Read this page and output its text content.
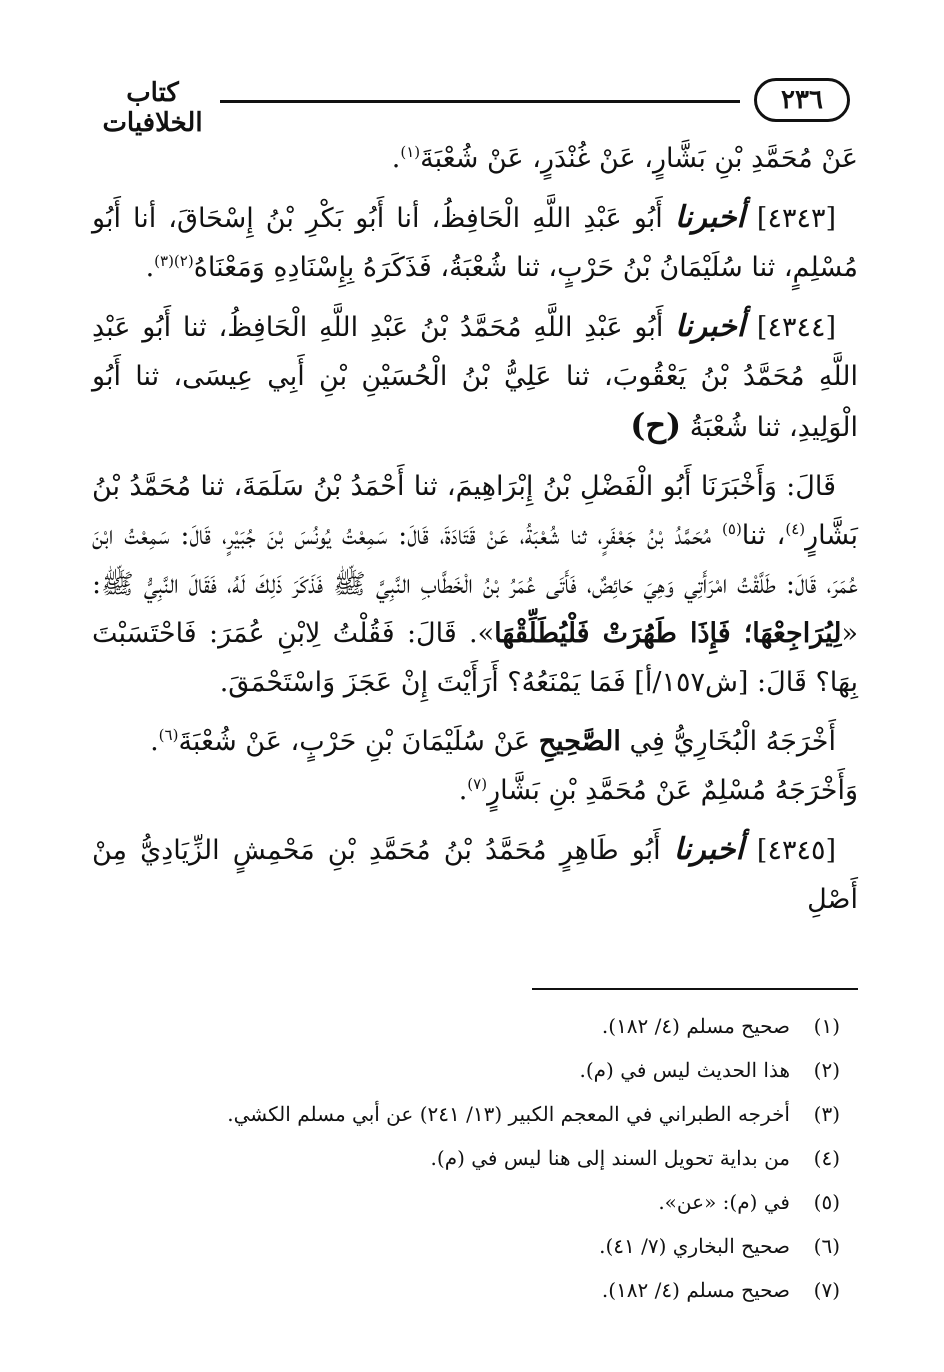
٢٣٦
كتاب الخلافيات

عَنْ مُحَمَّدِ بْنِ بَشَّارٍ، عَنْ غُنْدَرٍ، عَنْ شُعْبَةَ$^{(١)}$.

[٤٣٤٣] أخبرنا أَبُو عَبْدِ اللَّهِ الْحَافِظُ، أنا أَبُو بَكْرِ بْنُ إِسْحَاقَ، أنا أَبُو مُسْلِمٍ، ثنا سُلَيْمَانُ بْنُ حَرْبٍ، ثنا شُعْبَةُ، فَذَكَرَهُ بِإِسْنَادِهِ وَمَعْنَاهُ$^{(٢)(٣)}$.

[٤٣٤٤] أخبرنا أَبُو عَبْدِ اللَّهِ مُحَمَّدُ بْنُ عَبْدِ اللَّهِ الْحَافِظُ، ثنا أَبُو عَبْدِ اللَّهِ مُحَمَّدُ بْنُ يَعْقُوبَ، ثنا عَلِيُّ بْنُ الْحُسَيْنِ بْنِ أَبِي عِيسَى، ثنا أَبُو الْوَلِيدِ، ثنا شُعْبَةُ (ح)

قَالَ: وَأَخْبَرَنَا أَبُو الْفَضْلِ بْنُ إِبْرَاهِيمَ، ثنا أَحْمَدُ بْنُ سَلَمَةَ، ثنا مُحَمَّدُ بْنُ بَشَّارٍ$^{(٤)}$، ثنا$^{(٥)}$ مُحَمَّدُ بْنُ جَعْفَرٍ، ثنا شُعْبَةُ، عَنْ قَتَادَةَ، قَالَ: سَمِعْتُ يُونُسَ بْنَ جُبَيْرٍ، قَالَ: سَمِعْتُ ابْنَ عُمَرَ، قَالَ: طَلَّقْتُ امْرَأَتِي وَهِيَ حَائِضٌ، فَأَتَى عُمَرُ بْنُ الْخَطَّابِ النَّبِيَّ ﷺ فَذَكَرَ ذَلِكَ لَهُ، فَقَالَ النَّبِيُّ ﷺ: «لِيُرَاجِعْهَا؛ فَإِذَا طَهُرَتْ فَلْيُطَلِّقْهَا». قَالَ: فَقُلْتُ لِابْنِ عُمَرَ: فَاحْتَسَبْتَ بِهَا؟ قَالَ: [ش١٥٧/أ] فَمَا يَمْنَعُهُ؟ أَرَأَيْتَ إِنْ عَجَزَ وَاسْتَحْمَقَ.

أَخْرَجَهُ الْبُخَارِيُّ فِي الصَّحِيحِ عَنْ سُلَيْمَانَ بْنِ حَرْبٍ، عَنْ شُعْبَةَ$^{(٦)}$.
وَأَخْرَجَهُ مُسْلِمٌ عَنْ مُحَمَّدِ بْنِ بَشَّارٍ$^{(٧)}$.

[٤٣٤٥] أخبرنا أَبُو طَاهِرٍ مُحَمَّدُ بْنُ مُحَمَّدِ بْنِ مَحْمِشٍ الزِّيَادِيُّ مِنْ أَصْلِ

(١)
صحيح مسلم (٤/ ١٨٢).
(٢)
هذا الحديث ليس في (م).
(٣)
أخرجه الطبراني في المعجم الكبير (١٣/ ٢٤١) عن أبي مسلم الكشي.
(٤)
من بداية تحويل السند إلى هنا ليس في (م).
(٥)
في (م): «عن».
(٦)
صحيح البخاري (٧/ ٤١).
(٧)
صحيح مسلم (٤/ ١٨٢).
